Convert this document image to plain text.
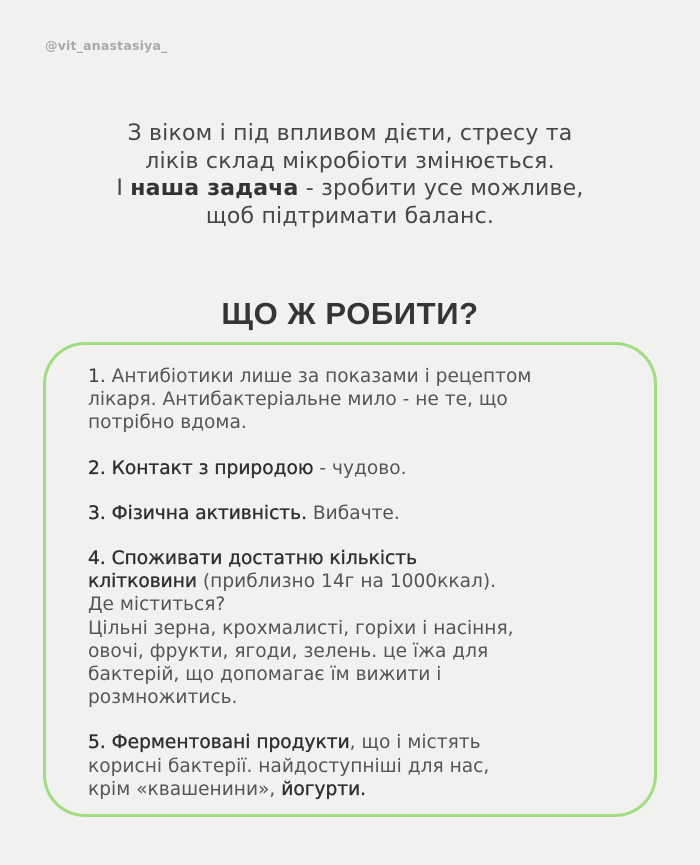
@vit_anastasiya_
З віком і під впливом дієти, стресу та
ліків склад мікробіоти змінюється.
І наша задача - зробити усе можливе,
щоб підтримати баланс.
ЩО Ж РОБИТИ?
1. Антибіотики лише за показами і рецептом
лікаря. Антибактеріальне мило - не те, що
потрібно вдома.
2. Контакт з природою - чудово.
3. Фізична активність. Вибачте.
4. Споживати достатню кількість
клітковини (приблизно 14г на 1000ккал).
Де міститься?
Цільні зерна, крохмалисті, горіхи і насіння,
овочі, фрукти, ягоди, зелень. це їжа для
бактерій, що допомагає їм вижити і
розмножитись.
5. Ферментовані продукти, що і містять
корисні бактерії. найдоступніші для нас,
крім «квашенини», йогурти.
